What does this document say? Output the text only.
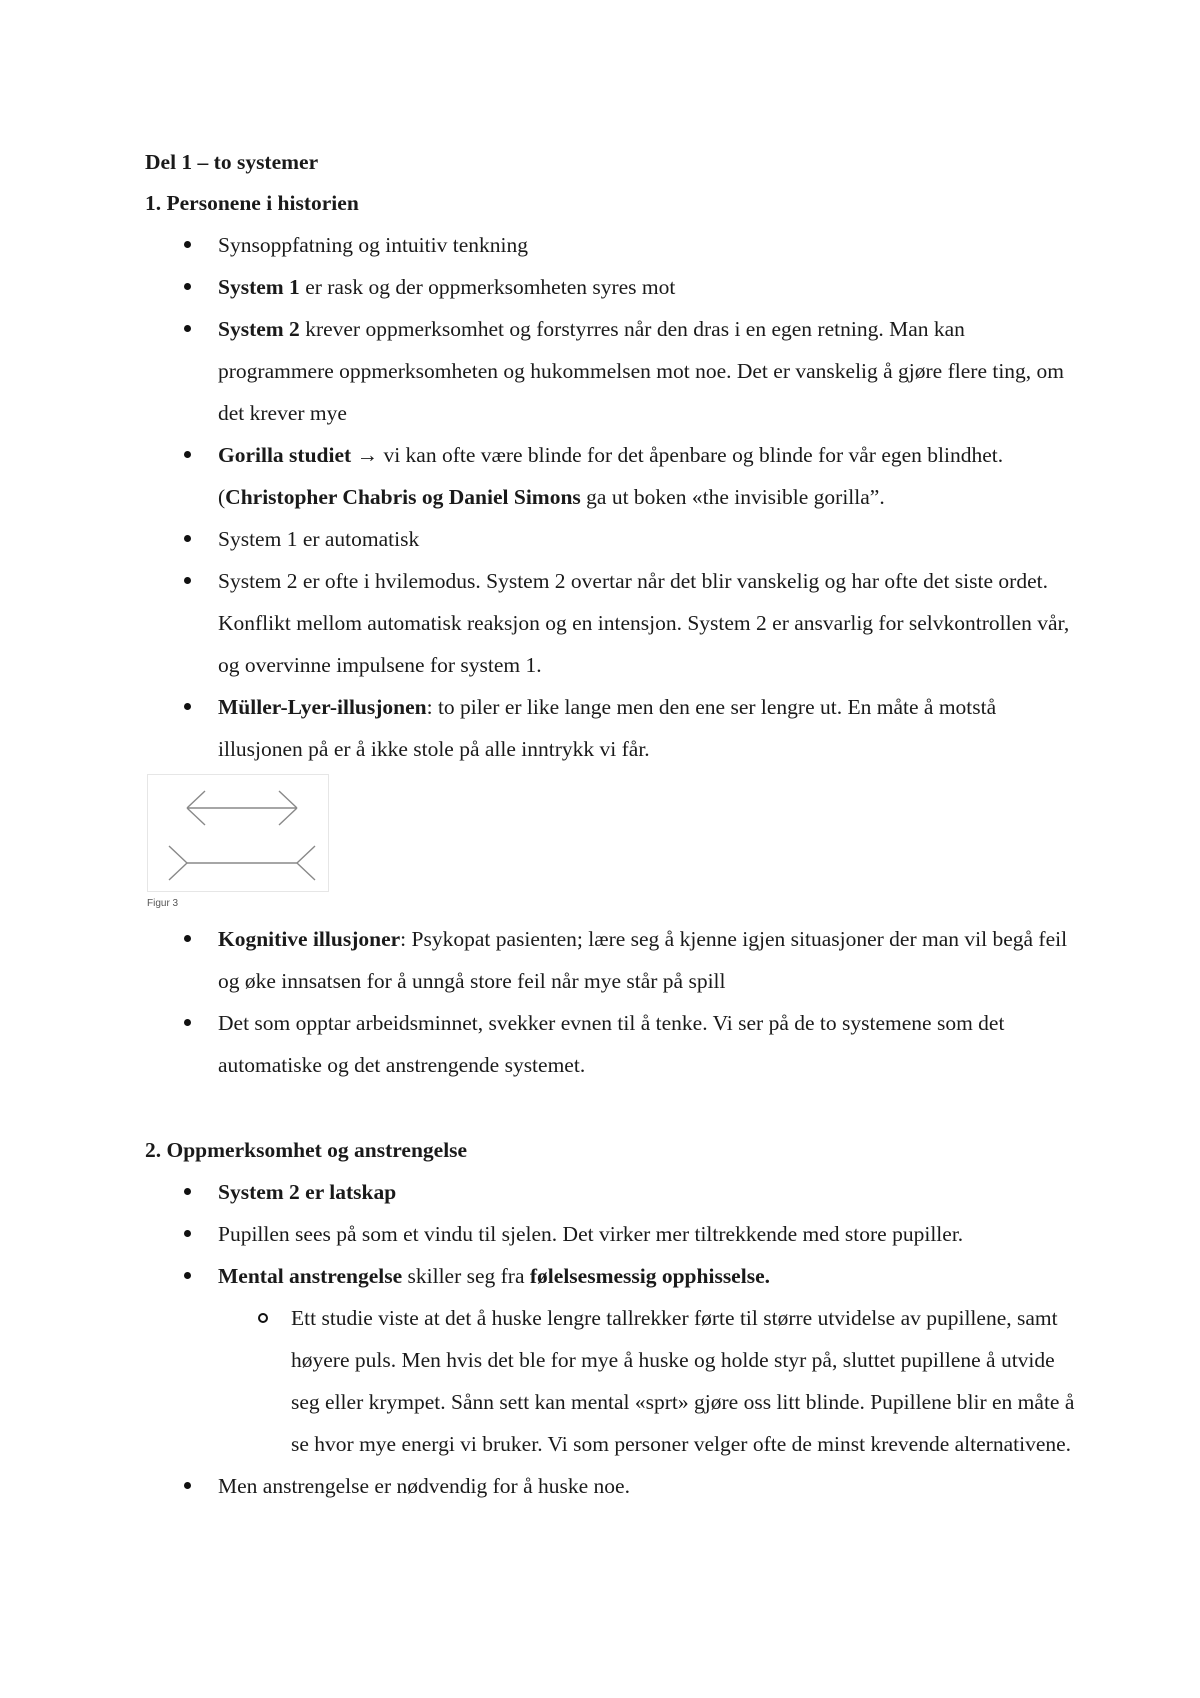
Del 1 – to systemer

1. Personene i historien

Synsoppfatning og intuitiv tenkning
System 1 er rask og der oppmerksomheten syres mot
System 2 krever oppmerksomhet og forstyrres når den dras i en egen retning. Man kan programmere oppmerksomheten og hukommelsen mot noe. Det er vanskelig å gjøre flere ting, om det krever mye
Gorilla studiet → vi kan ofte være blinde for det åpenbare og blinde for vår egen blindhet. (Christopher Chabris og Daniel Simons ga ut boken «the invisible gorilla”.
System 1 er automatisk
System 2 er ofte i hvilemodus. System 2 overtar når det blir vanskelig og har ofte det siste ordet. Konflikt mellom automatisk reaksjon og en intensjon. System 2 er ansvarlig for selvkontrollen vår, og overvinne impulsene for system 1.
Müller-Lyer-illusjonen: to piler er like lange men den ene ser lengre ut. En måte å motstå illusjonen på er å ikke stole på alle inntrykk vi får.
Figur 3
Kognitive illusjoner: Psykopat pasienten; lære seg å kjenne igjen situasjoner der man vil begå feil og øke innsatsen for å unngå store feil når mye står på spill
Det som opptar arbeidsminnet, svekker evnen til å tenke. Vi ser på de to systemene som det automatiske og det anstrengende systemet.

2. Oppmerksomhet og anstrengelse

System 2 er latskap
Pupillen sees på som et vindu til sjelen. Det virker mer tiltrekkende med store pupiller.
Mental anstrengelse skiller seg fra følelsesmessig opphisselse.
Ett studie viste at det å huske lengre tallrekker førte til større utvidelse av pupillene, samt høyere puls. Men hvis det ble for mye å huske og holde styr på, sluttet pupillene å utvide seg eller krympet. Sånn sett kan mental «sprt» gjøre oss litt blinde. Pupillene blir en måte å se hvor mye energi vi bruker. Vi som personer velger ofte de minst krevende alternativene.
Men anstrengelse er nødvendig for å huske noe.
